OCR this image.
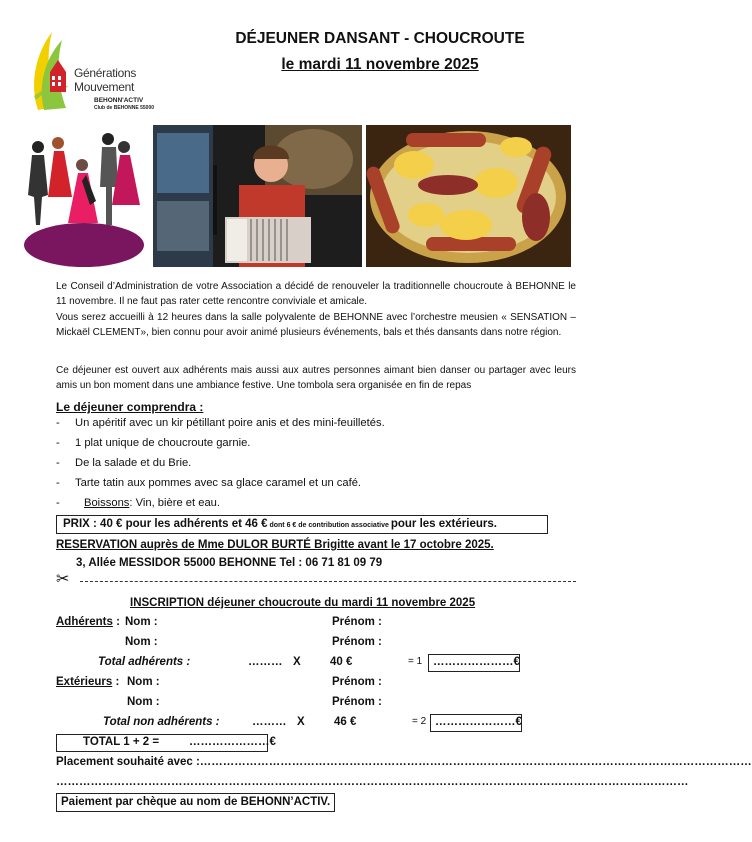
Générations
Mouvement
BEHONN'ACTIV
Club de BEHONNE 55000
DÉJEUNER DANSANT - CHOUCROUTE
le mardi 11 novembre 2025
Le Conseil d’Administration de votre Association a décidé de renouveler la traditionnelle choucroute à BEHONNE le 11 novembre. Il ne faut pas rater cette rencontre conviviale et amicale.
Vous serez accueilli à 12 heures dans la salle polyvalente de BEHONNE avec l’orchestre meusien « SENSATION – Mickaël CLEMENT», bien connu pour avoir animé plusieurs événements, bals et thés dansants dans notre région.
Ce déjeuner est ouvert aux adhérents mais aussi aux autres personnes aimant bien danser ou partager avec leurs amis un bon moment dans une ambiance festive. Une tombola sera organisée en fin de repas
Le déjeuner comprendra :
- Un apéritif avec un kir pétillant poire anis et des mini-feuilletés.
- 1 plat unique de choucroute garnie.
- De la salade et du Brie.
- Tarte tatin aux pommes avec sa glace caramel et un café.
- Boissons: Vin, bière et eau.
PRIX : 40 € pour les adhérents et 46 € dont 6 € de contribution associative pour les extérieurs.
RESERVATION auprès de Mme DULOR BURTÉ Brigitte avant le 17 octobre 2025.
3, Allée MESSIDOR 55000 BEHONNE Tel : 06 71 81 09 79
✂
INSCRIPTION déjeuner choucroute du mardi 11 novembre 2025
Adhérents : Nom :	Prénom :
Nom :	Prénom :
Total adhérents :	……… X	40 €	= 1 …………………€
Extérieurs : Nom :	Prénom :
Nom :	Prénom :
Total non adhérents :	……… X	46 €	= 2 …………………€
TOTAL 1 + 2 =	…………………€
Placement souhaité avec :………………………………………………………………………………………………………………………………
…………………………………………………………………………………………………………………………………………………
Paiement par chèque au nom de BEHONN’ACTIV.
